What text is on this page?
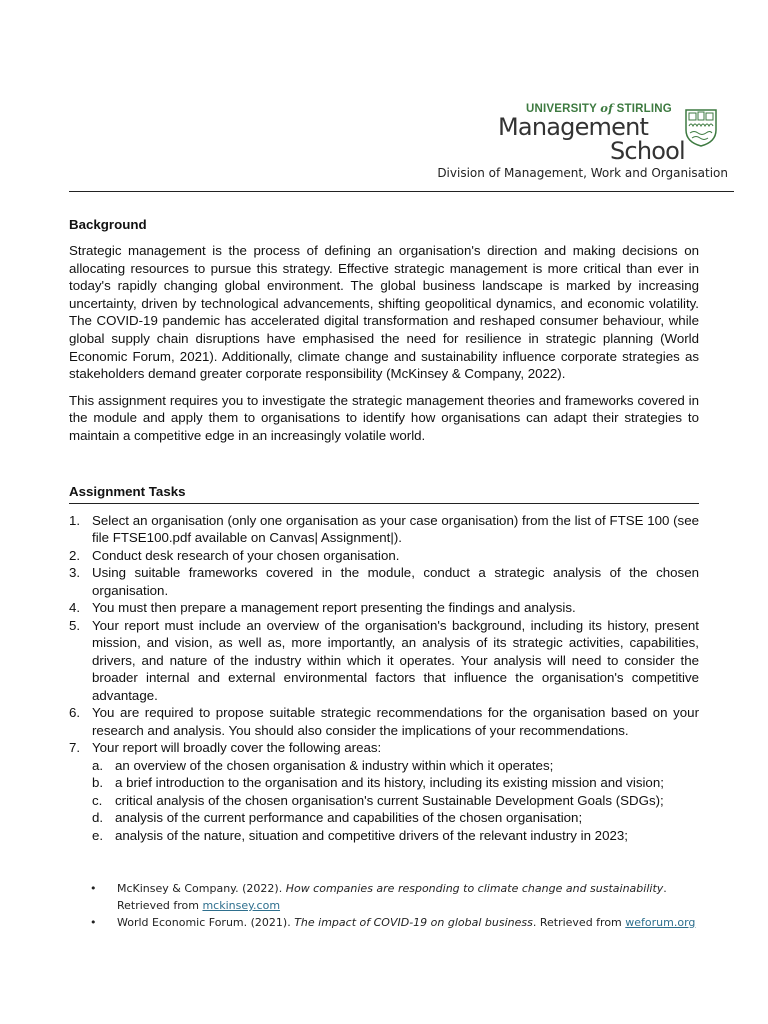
UNIVERSITY of STIRLING
Management
School
Division of Management, Work and Organisation
Background

Strategic management is the process of defining an organisation's direction and making decisions on allocating resources to pursue this strategy. Effective strategic management is more critical than ever in today's rapidly changing global environment. The global business landscape is marked by increasing uncertainty, driven by technological advancements, shifting geopolitical dynamics, and economic volatility. The COVID-19 pandemic has accelerated digital transformation and reshaped consumer behaviour, while global supply chain disruptions have emphasised the need for resilience in strategic planning (World Economic Forum, 2021). Additionally, climate change and sustainability influence corporate strategies as stakeholders demand greater corporate responsibility (McKinsey & Company, 2022).

This assignment requires you to investigate the strategic management theories and frameworks covered in the module and apply them to organisations to identify how organisations can adapt their strategies to maintain a competitive edge in an increasingly volatile world.

Assignment Tasks
1. Select an organisation (only one organisation as your case organisation) from the list of FTSE 100 (see file FTSE100.pdf available on Canvas| Assignment|).
2. Conduct desk research of your chosen organisation.
3. Using suitable frameworks covered in the module, conduct a strategic analysis of the chosen organisation.
4. You must then prepare a management report presenting the findings and analysis.
5. Your report must include an overview of the organisation's background, including its history, present mission, and vision, as well as, more importantly, an analysis of its strategic activities, capabilities, drivers, and nature of the industry within which it operates. Your analysis will need to consider the broader internal and external environmental factors that influence the organisation's competitive advantage.
6. You are required to propose suitable strategic recommendations for the organisation based on your research and analysis. You should also consider the implications of your recommendations.
7. Your report will broadly cover the following areas:
a. an overview of the chosen organisation & industry within which it operates;
b. a brief introduction to the organisation and its history, including its existing mission and vision;
c. critical analysis of the chosen organisation's current Sustainable Development Goals (SDGs);
d. analysis of the current performance and capabilities of the chosen organisation;
e. analysis of the nature, situation and competitive drivers of the relevant industry in 2023;
• McKinsey & Company. (2022). How companies are responding to climate change and sustainability. Retrieved from mckinsey.com
• World Economic Forum. (2021). The impact of COVID-19 on global business. Retrieved from weforum.org
